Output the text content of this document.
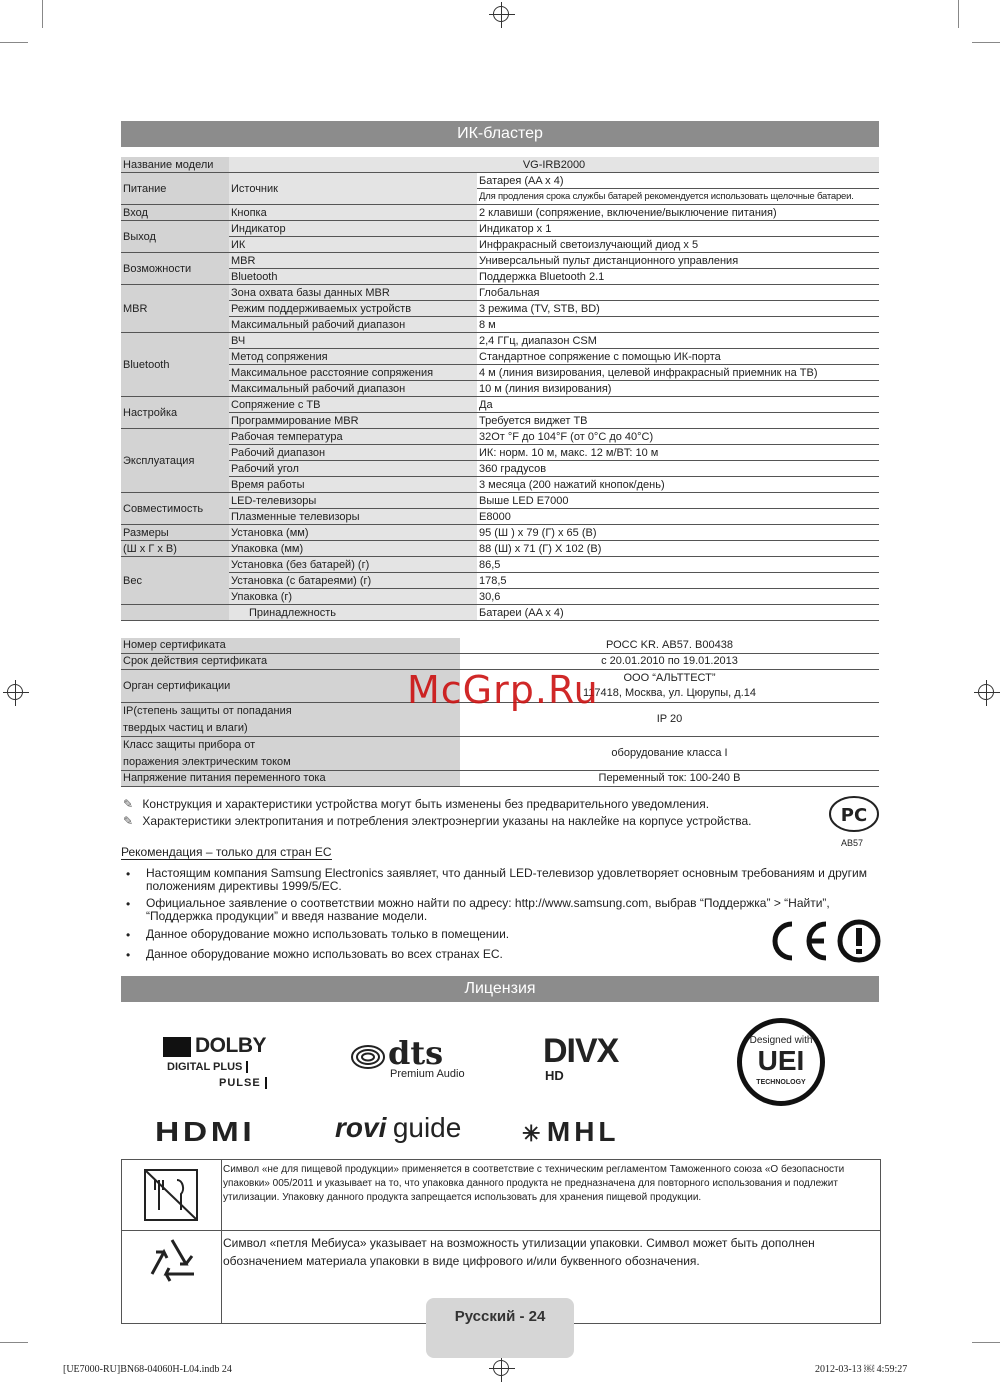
ИК-бластер
Название модели	VG-IRB2000	
Питание	Источник	Батарея (AA x 4)
		Для продления срока службы батарей рекомендуется использовать щелочные батареи.
Вход	Кнопка	2 клавиши (сопряжение, включение/выключение питания)
Выход	Индикатор	Индикатор x 1
	ИК	Инфракрасный светоизлучающий диод x 5
Возможности	MBR	Универсальный пульт дистанционного управления
	Bluetooth	Поддержка Bluetooth 2.1
MBR	Зона охвата базы данных MBR	Глобальная
	Режим поддерживаемых устройств	3 режима (TV, STB, BD)
	Максимальный рабочий диапазон	8 м
Bluetooth	ВЧ	2,4 ГГц, диапазон CSM
	Метод сопряжения	Стандартное сопряжение с помощью ИК-порта
	Максимальное расстояние сопряжения	4 м (линия визирования, целевой инфракрасный приемник на ТВ)
	Максимальный рабочий диапазон	10 м (линия визирования)
Настройка	Сопряжение с ТВ	Да
	Программирование MBR	Требуется виджет ТВ
Эксплуатация	Рабочая температура	32От °F до 104°F (от 0°C до 40°C)
	Рабочий диапазон	ИК: норм. 10 м, макс. 12 м/BT: 10 м
	Рабочий угол	360 градусов
	Время работы	3 месяца (200 нажатий кнопок/день)
Совместимость	LED-телевизоры	Выше LED E7000
	Плазменные телевизоры	E8000
Размеры	Установка (мм)	95 (Ш ) x 79 (Г) x 65 (В)
(Ш x Г x В)	Упаковка (мм)	88 (Ш) x 71 (Г) X 102 (В)
Вес	Установка (без батарей) (г)	86,5
	Установка (с батареями) (г)	178,5
	Упаковка (г)	30,6
	Принадлежность	Батареи (AA x 4)
Номер сертификата	РОСС KR. АВ57. В00438

Срок действия сертификата	с 20.01.2010 по 19.01.2013

Орган сертификации	ООО “АЛЬТТЕСТ”
117418, Москва, ул. Цюрупы, д.14

IP(степень защиты от попадания
твердых частиц и влаги)	IP 20

Класс защиты прибора от
поражения электрическим током	оборудование класса I

Напряжение питания переменного тока	Переменный ток: 100-240 В
McGrp.Ru
✎ Конструкция и характеристики устройства могут быть изменены без предварительного уведомления.
✎ Характеристики электропитания и потребления электроэнергии указаны на наклейке на корпусе устройства.	РС
AB57
Рекомендация – только для стран ЕС
• Настоящим компания Samsung Electronics заявляет, что данный LED-телевизор удовлетворяет основным требованиям и другим положениям директивы 1999/5/EC.
• Официальное заявление о соответствии можно найти по адресу: http://www.samsung.com, выбрав “Поддержка” > “Найти”, “Поддержка продукции” и введя название модели.
• Данное оборудование можно использовать только в помещении.
• Данное оборудование можно использовать во всех странах ЕС.
Лицензия
DOLBY
DIGITAL PLUS
PULSE
dts
Premium Audio
DIVX
HD
Designed with
UEI
TECHNOLOGY
HDMI	rovi guide	✳ MHL
Символ «не для пищевой продукции» применяется в соответствие с техническим регламентом Таможенного союза «О безопасности упаковки» 005/2011 и указывает на то, что упаковка данного продукта не предназначена для повторного использования и подлежит утилизации. Упаковку данного продукта запрещается использовать для хранения пищевой продукции.
Символ «петля Мебиуса» указывает на возможность утилизации упаковки. Символ может быть дополнен обозначением материала упаковки в виде цифрового и/или буквенного обозначения.
Русский - 24
[UE7000-RU]BN68-04060H-L04.indb 24	2012-03-13 ￼ 4:59:27
